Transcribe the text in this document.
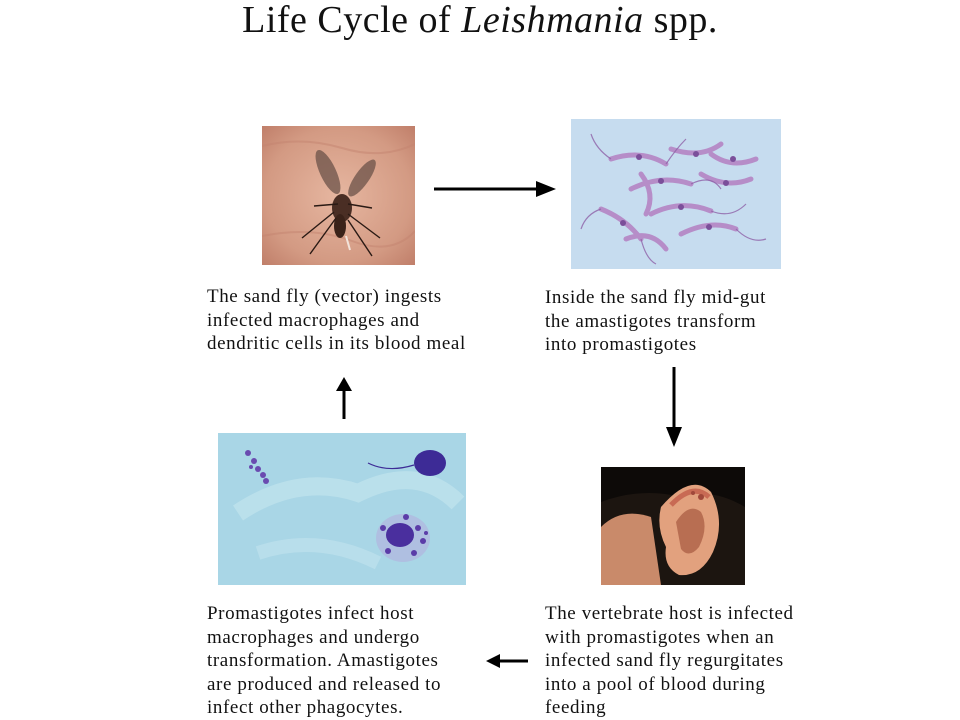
Life Cycle of Leishmania spp.
The sand fly (vector) ingests
infected macrophages and
dendritic cells in its blood meal
Inside the sand fly mid-gut
the amastigotes transform
into promastigotes
The vertebrate host is infected
with promastigotes when an
infected sand fly regurgitates
into a pool of blood during
feeding
Promastigotes infect host
macrophages and undergo
transformation. Amastigotes
are produced and released to
infect other phagocytes.
